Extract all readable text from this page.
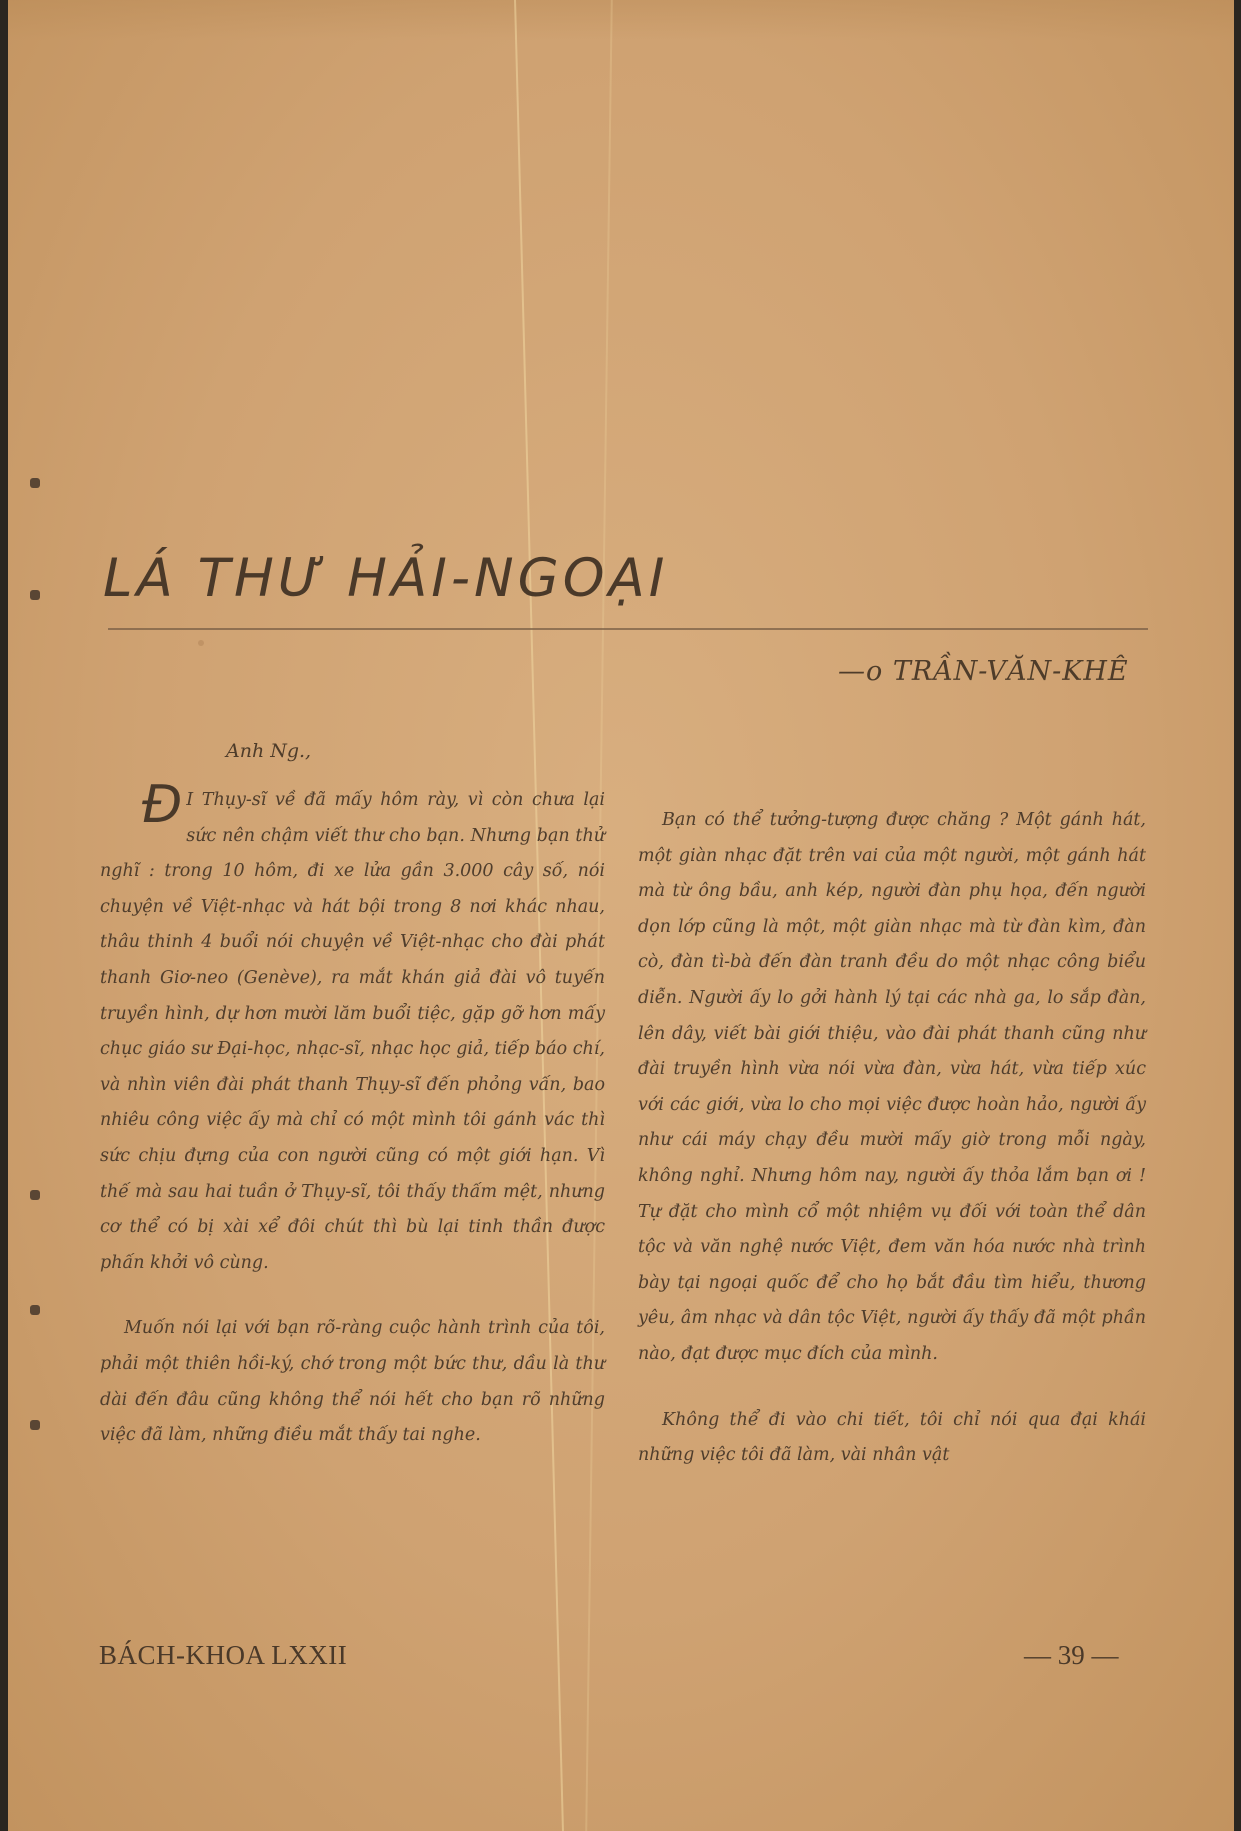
LÁ THƯ HẢI-NGOẠI
—o TRẦN-VĂN-KHÊ
Anh Ng.,

Đ I Thụy-sĩ về đã mấy hôm rày, vì còn chưa lại sức nên chậm viết thư cho bạn. Nhưng bạn thử nghĩ : trong 10 hôm, đi xe lửa gần 3.000 cây số, nói chuyện về Việt-nhạc và hát bội trong 8 nơi khác nhau, thâu thinh 4 buổi nói chuyện về Việt-nhạc cho đài phát thanh Giơ-neo (Genève), ra mắt khán giả đài vô tuyến truyền hình, dự hơn mười lăm buổi tiệc, gặp gỡ hơn mấy chục giáo sư Đại-học, nhạc-sĩ, nhạc học giả, tiếp báo chí, và nhìn viên đài phát thanh Thụy-sĩ đến phỏng vấn, bao nhiêu công việc ấy mà chỉ có một mình tôi gánh vác thì sức chịu đựng của con người cũng có một giới hạn. Vì thế mà sau hai tuần ở Thụy-sĩ, tôi thấy thấm mệt, nhưng cơ thể có bị xài xể đôi chút thì bù lại tinh thần được phấn khởi vô cùng.

Muốn nói lại với bạn rõ-ràng cuộc hành trình của tôi, phải một thiên hồi-ký, chớ trong một bức thư, dầu là thư dài đến đâu cũng không thể nói hết cho bạn rõ những việc đã làm, những điều mắt thấy tai nghe.

Bạn có thể tưởng-tượng được chăng ? Một gánh hát, một giàn nhạc đặt trên vai của một người, một gánh hát mà từ ông bầu, anh kép, người đàn phụ họa, đến người dọn lớp cũng là một, một giàn nhạc mà từ đàn kìm, đàn cò, đàn tì-bà đến đàn tranh đều do một nhạc công biểu diễn. Người ấy lo gởi hành lý tại các nhà ga, lo sắp đàn, lên dây, viết bài giới thiệu, vào đài phát thanh cũng như đài truyền hình vừa nói vừa đàn, vừa hát, vừa tiếp xúc với các giới, vừa lo cho mọi việc được hoàn hảo, người ấy như cái máy chạy đều mười mấy giờ trong mỗi ngày, không nghỉ. Nhưng hôm nay, người ấy thỏa lắm bạn ơi ! Tự đặt cho mình cổ một nhiệm vụ đối với toàn thể dân tộc và văn nghệ nước Việt, đem văn hóa nước nhà trình bày tại ngoại quốc để cho họ bắt đầu tìm hiểu, thương yêu, âm nhạc và dân tộc Việt, người ấy thấy đã một phần nào, đạt được mục đích của mình.

Không thể đi vào chi tiết, tôi chỉ nói qua đại khái những việc tôi đã làm, vài nhân vật

BÁCH-KHOA LXXII	— 39 —
